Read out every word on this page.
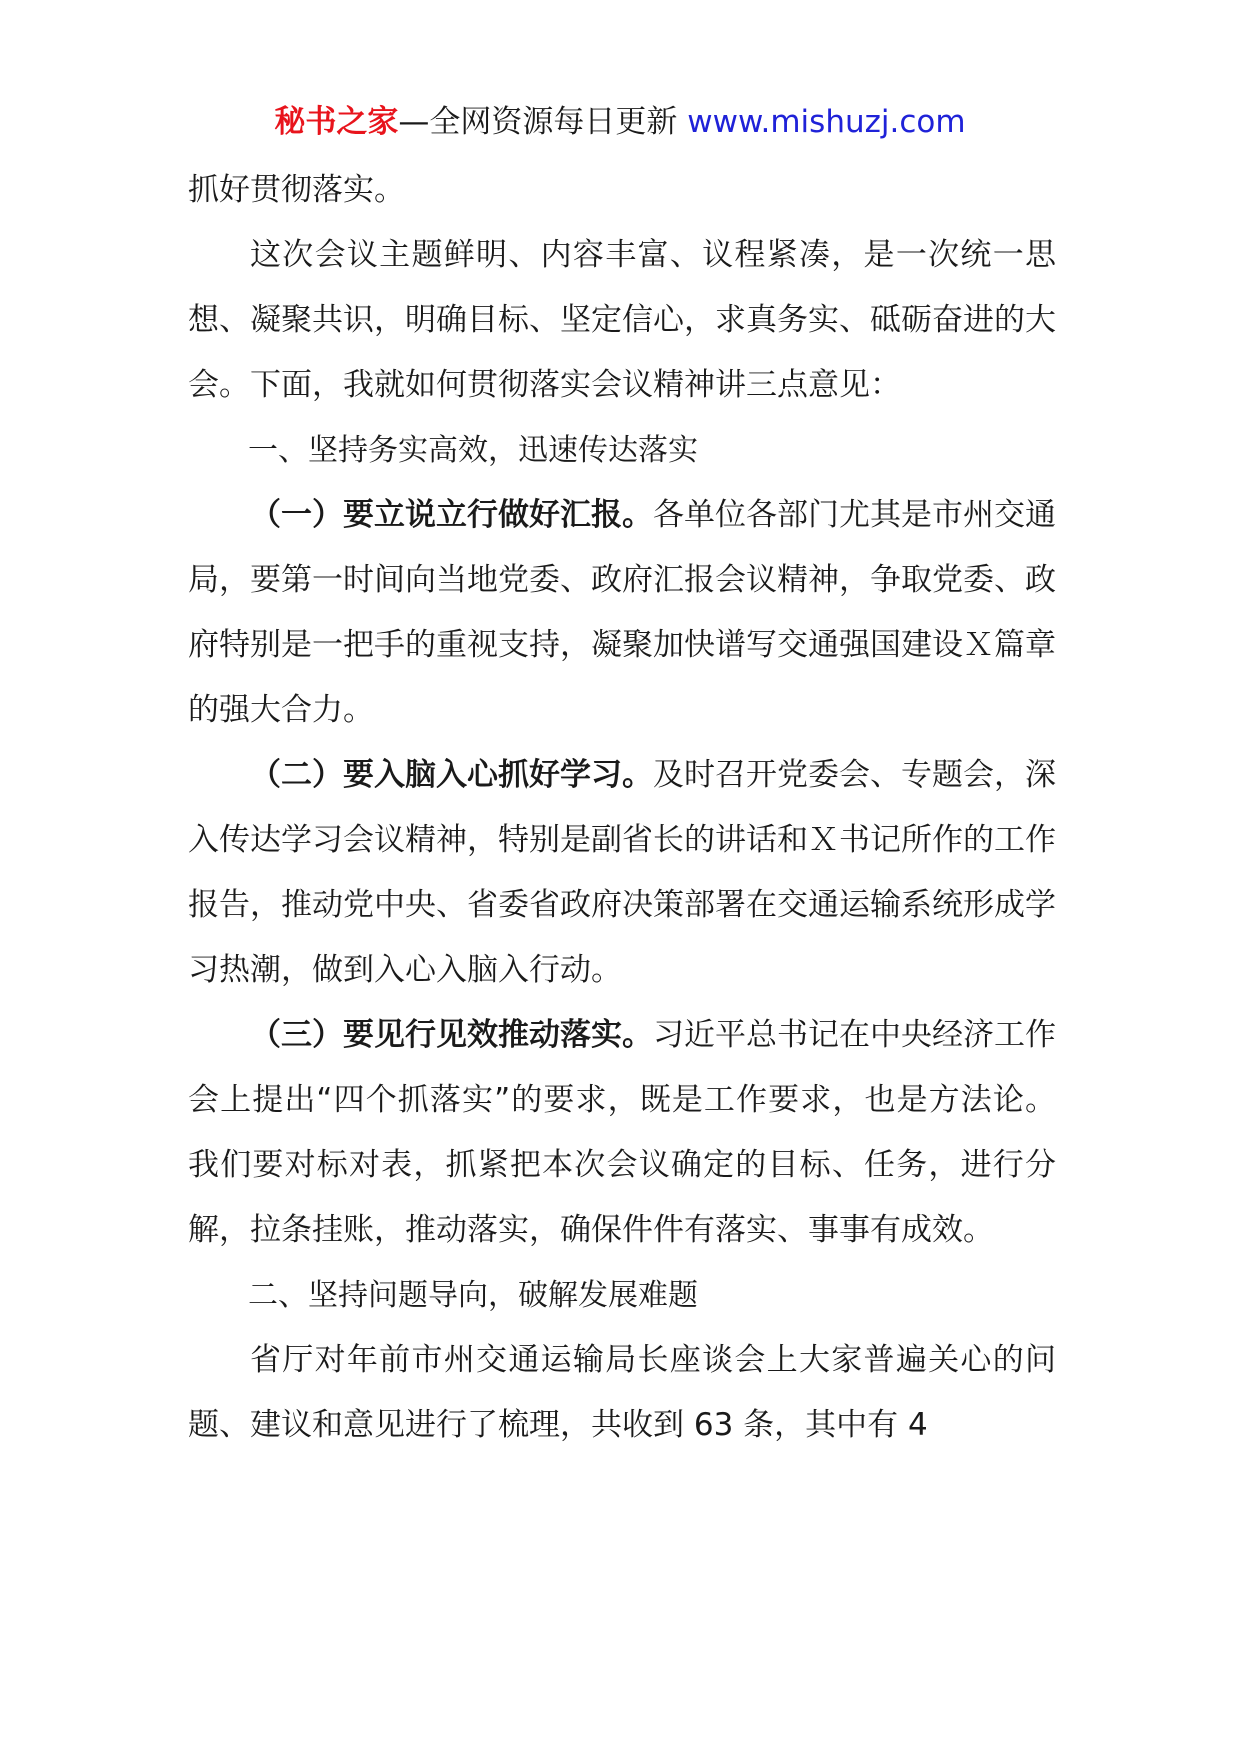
秘书之家—全网资源每日更新 www.mishuzj.com

抓好贯彻落实。

这次会议主题鲜明、内容丰富、议程紧凑，是一次统一思想、凝聚共识，明确目标、坚定信心，求真务实、砥砺奋进的大会。下面，我就如何贯彻落实会议精神讲三点意见：

一、坚持务实高效，迅速传达落实

（一）要立说立行做好汇报。各单位各部门尤其是市州交通局，要第一时间向当地党委、政府汇报会议精神，争取党委、政府特别是一把手的重视支持，凝聚加快谱写交通强国建设Ｘ篇章的强大合力。

（二）要入脑入心抓好学习。及时召开党委会、专题会，深入传达学习会议精神，特别是副省长的讲话和Ｘ书记所作的工作报告，推动党中央、省委省政府决策部署在交通运输系统形成学习热潮，做到入心入脑入行动。

（三）要见行见效推动落实。习近平总书记在中央经济工作会上提出“四个抓落实”的要求，既是工作要求，也是方法论。我们要对标对表，抓紧把本次会议确定的目标、任务，进行分解，拉条挂账，推动落实，确保件件有落实、事事有成效。

二、坚持问题导向，破解发展难题

省厅对年前市州交通运输局长座谈会上大家普遍关心的问题、建议和意见进行了梳理，共收到 63 条，其中有 4
